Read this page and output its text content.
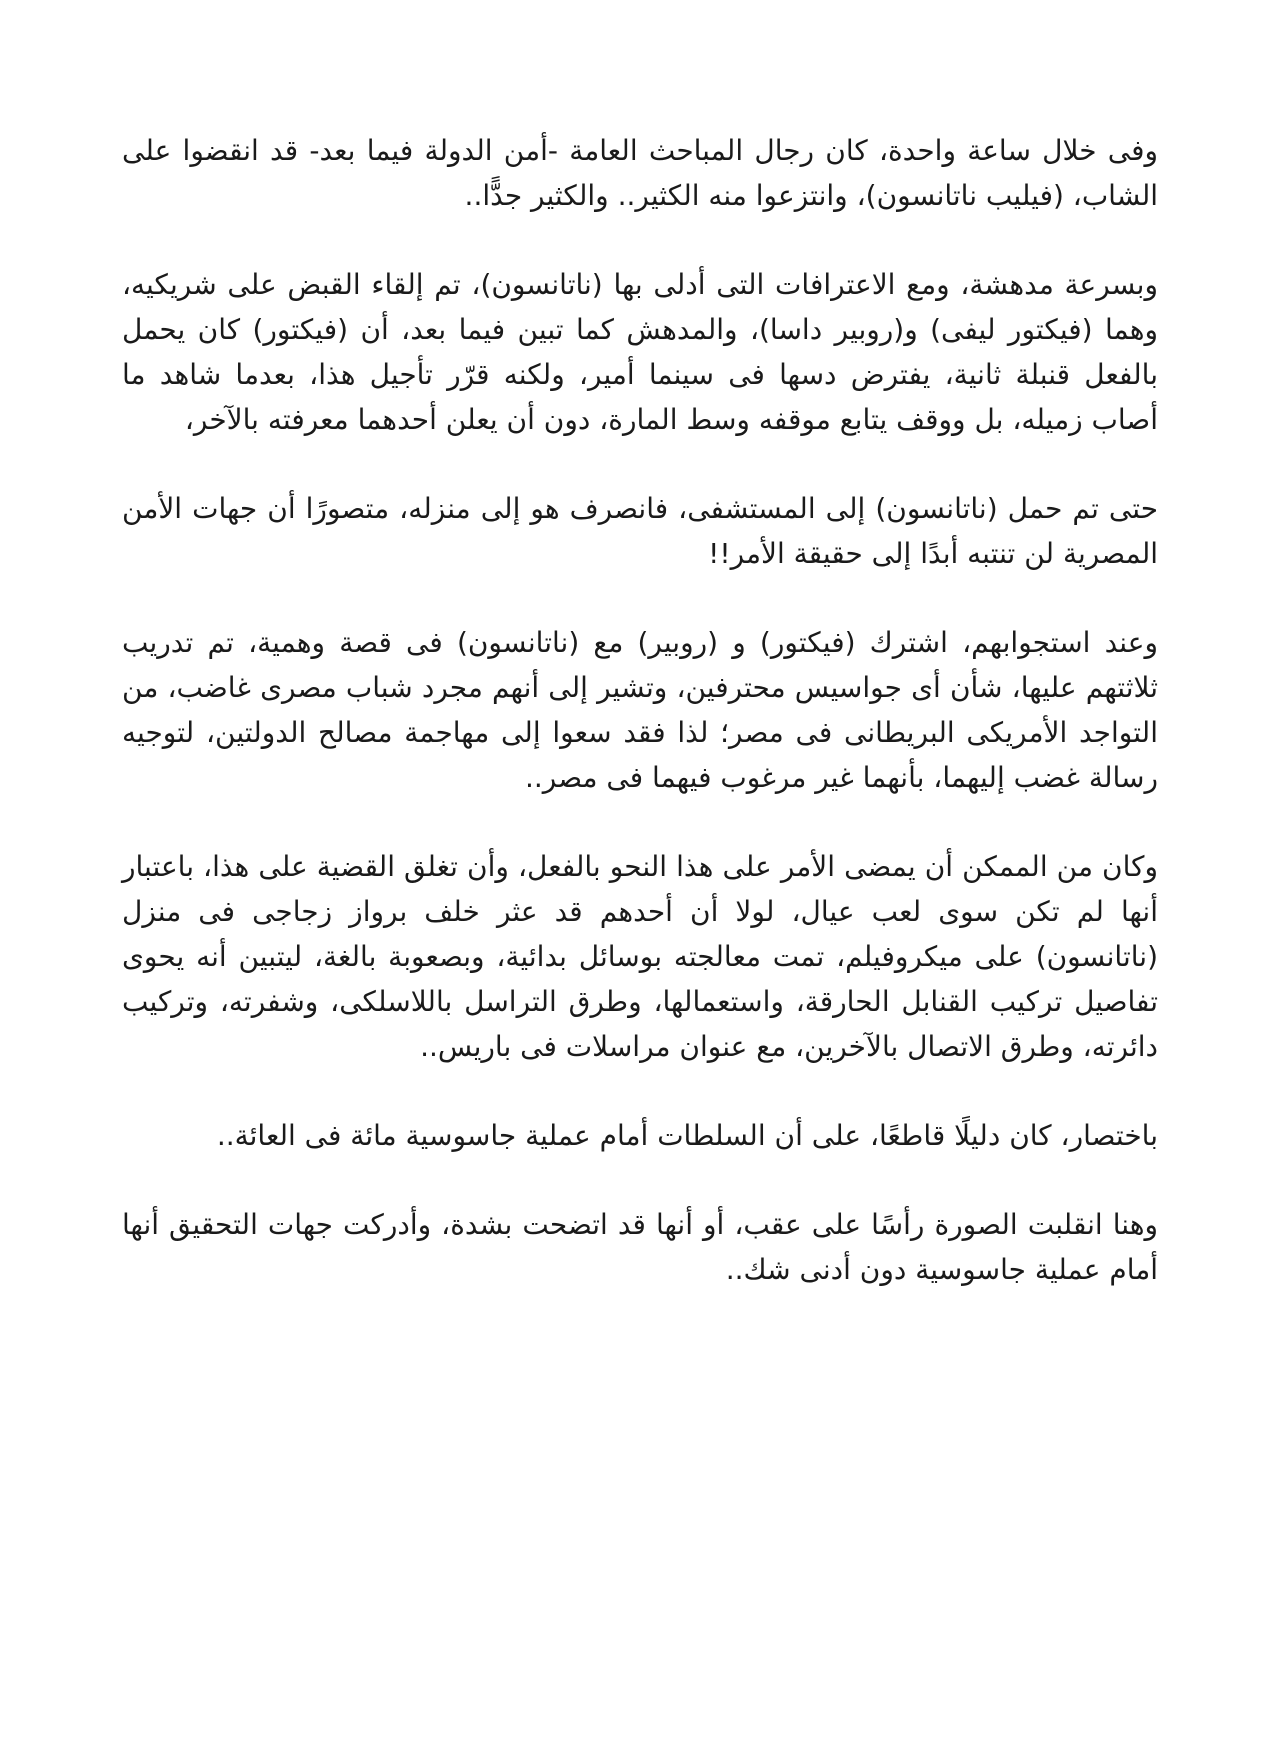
وفى خلال ساعة واحدة، كان رجال المباحث العامة -أمن الدولة فيما بعد- قد انقضوا على الشاب، (فيليب ناتانسون)، وانتزعوا منه الكثير.. والكثير جدًّا..

وبسرعة مدهشة، ومع الاعترافات التى أدلى بها (ناتانسون)، تم إلقاء القبض على شريكيه، وهما (فيكتور ليفى) و(روبير داسا)، والمدهش كما تبين فيما بعد، أن (فيكتور) كان يحمل بالفعل قنبلة ثانية، يفترض دسها فى سينما أمير، ولكنه قرّر تأجيل هذا، بعدما شاهد ما أصاب زميله، بل ووقف يتابع موقفه وسط المارة، دون أن يعلن أحدهما معرفته بالآخر،

حتى تم حمل (ناتانسون) إلى المستشفى، فانصرف هو إلى منزله، متصورًا أن جهات الأمن المصرية لن تنتبه أبدًا إلى حقيقة الأمر!!

وعند استجوابهم، اشترك (فيكتور) و (روبير) مع (ناتانسون) فى قصة وهمية، تم تدريب ثلاثتهم عليها، شأن أى جواسيس محترفين، وتشير إلى أنهم مجرد شباب مصرى غاضب، من التواجد الأمريكى البريطانى فى مصر؛ لذا فقد سعوا إلى مهاجمة مصالح الدولتين، لتوجيه رسالة غضب إليهما، بأنهما غير مرغوب فيهما فى مصر..

وكان من الممكن أن يمضى الأمر على هذا النحو بالفعل، وأن تغلق القضية على هذا، باعتبار أنها لم تكن سوى لعب عيال، لولا أن أحدهم قد عثر خلف برواز زجاجى فى منزل (ناتانسون) على ميكروفيلم، تمت معالجته بوسائل بدائية، وبصعوبة بالغة، ليتبين أنه يحوى تفاصيل تركيب القنابل الحارقة، واستعمالها، وطرق التراسل باللاسلكى، وشفرته، وتركيب دائرته، وطرق الاتصال بالآخرين، مع عنوان مراسلات فى باريس..

باختصار، كان دليلًا قاطعًا، على أن السلطات أمام عملية جاسوسية مائة فى العائة..

وهنا انقلبت الصورة رأسًا على عقب، أو أنها قد اتضحت بشدة، وأدركت جهات التحقيق أنها أمام عملية جاسوسية دون أدنى شك..
